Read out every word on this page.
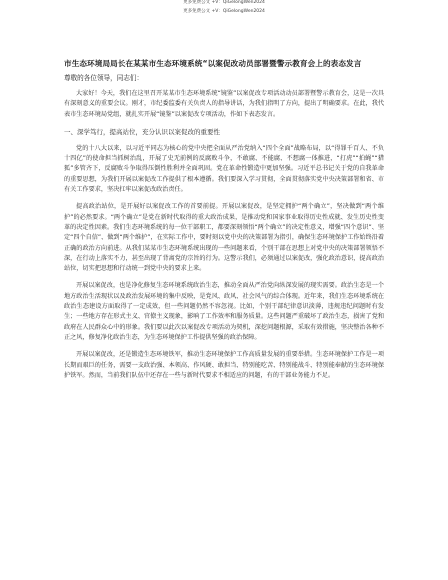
更多免费公文 +V：QiGelongWen2024
更多免费公文 +V：QiGelongWen2024
市生态环境局局长在某某市生态环境系统“以案促改动员部署暨警示教育会上的表态发言
尊敬的各位领导，同志们：

大家好！今天，我们在这里召开某某市生态环境系统“镜鉴”以案促改专项活动动员部署暨警示教育会，这是一次具有深刻意义的重要会议。刚才，市纪委监委有关负责人的指导讲话，为我们指明了方向，提出了明确要求。在此，我代表市生态环境局党组，就扎实开展“镜鉴”以案促改专项活动，作如下表态发言。

一、深学笃行，提高站位，充分认识以案促改的重要性

党的十八大以来，以习近平同志为核心的党中央把全面从严治党纳入“四个全面”战略布局，以“得罪千百人、不负十四亿”的使命担当抓树治乱，开展了史无前例的反腐败斗争，不敢腐、不能腐、不想腐一体推进，“打虎”“拍蝇”“猎狐”多管齐下，反腐败斗争取得压倒性胜利并全面巩固。党在革命性锻造中更加坚强。习近平总书记关于党的自我革命的重要思想，为我们开展以案促改工作提供了根本遵循。我们要深入学习贯彻，全面贯彻落实党中央决策部署和省、市有关工作要求，坚决扛牢以案促改政治责任。

提高政治站位，是开展好以案促改工作的首要前提。开展以案促改，是坚定拥护“两个确立”，坚决做到“两个维护”的必然要求。“两个确立”是党在新时代取得的重大政治成果，是推动党和国家事业取得历史性成就、发生历史性变革的决定性因素。我们生态环境系统的每一位干部职工，都要深刻领悟“两个确立”的决定性意义，增强“四个意识”、坚定“四个自信”、做到“两个维护”，在实际工作中，要时刻以党中央的决策部署为指引，确保生态环境保护工作始终沿着正确的政治方向前进。从我们某某市生态环境系统出现的一些问题来看，个别干部在思想上对党中央的决策部署领悟不深，在行动上落实不力，甚至出现了背离党的宗旨的行为。这警示我们，必须通过以案促改，强化政治意识，提高政治站位，切实把思想和行动统一到党中央的要求上来。

开展以案促改，也是净化修复生态环境系统政治生态，推动全面从严治党向纵深发展的现实需要。政治生态是一个地方政治生活现状以及政治发展环境的集中反映，是党风、政风、社会风气的综合体现。近年来，我们生态环境系统在政治生态建设方面取得了一定成效，但一些问题仍然不容忽视。比如，个别干部纪律意识淡薄，违规违纪问题时有发生；一些地方存在形式主义、官僚主义现象，影响了工作效率和服务质量。这些问题严重破坏了政治生态，损害了党和政府在人民群众心中的形象。我们要以此次以案促改专项活动为契机，深挖问题根源，采取有效措施，坚决整治各种不正之风，修复净化政治生态，为生态环境保护工作提供坚强的政治保障。

开展以案促改，还是锻造生态环境铁军，推动生态环境保护工作高质量发展的重要举措。生态环境保护工作是一项长期而艰巨的任务，需要一支政治强、本领高、作风硬、敢担当、特别能吃苦、特别能战斗、特别能奉献的生态环境保护铁军。然而，当前我们队伍中还存在一些与新时代要求不相适应的问题，有的干部业务能力不足。
